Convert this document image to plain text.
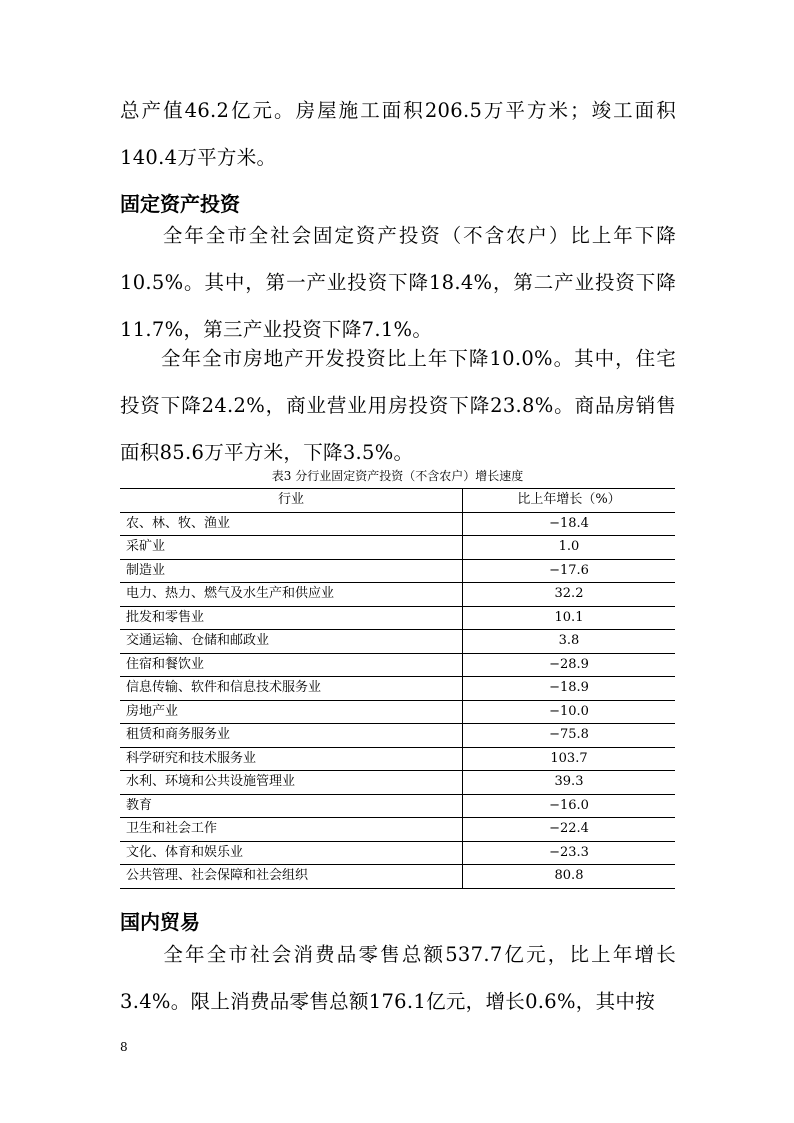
总产值46.2亿元。房屋施工面积206.5万平方米；竣工面积140.4万平方米。

固定资产投资

　　全年全市全社会固定资产投资（不含农户）比上年下降10.5%。其中，第一产业投资下降18.4%，第二产业投资下降11.7%，第三产业投资下降7.1%。

　　全年全市房地产开发投资比上年下降10.0%。其中，住宅投资下降24.2%，商业营业用房投资下降23.8%。商品房销售面积85.6万平方米，下降3.5%。

表3 分行业固定资产投资（不含农户）增长速度
行业	比上年增长（%）
农、林、牧、渔业	−18.4
采矿业	1.0
制造业	−17.6
电力、热力、燃气及水生产和供应业	32.2
批发和零售业	10.1
交通运输、仓储和邮政业	3.8
住宿和餐饮业	−28.9
信息传输、软件和信息技术服务业	−18.9
房地产业	−10.0
租赁和商务服务业	−75.8
科学研究和技术服务业	103.7
水利、环境和公共设施管理业	39.3
教育	−16.0
卫生和社会工作	−22.4
文化、体育和娱乐业	−23.3
公共管理、社会保障和社会组织	80.8
国内贸易

　　全年全市社会消费品零售总额537.7亿元，比上年增长3.4%。限上消费品零售总额176.1亿元，增长0.6%，其中按

8
